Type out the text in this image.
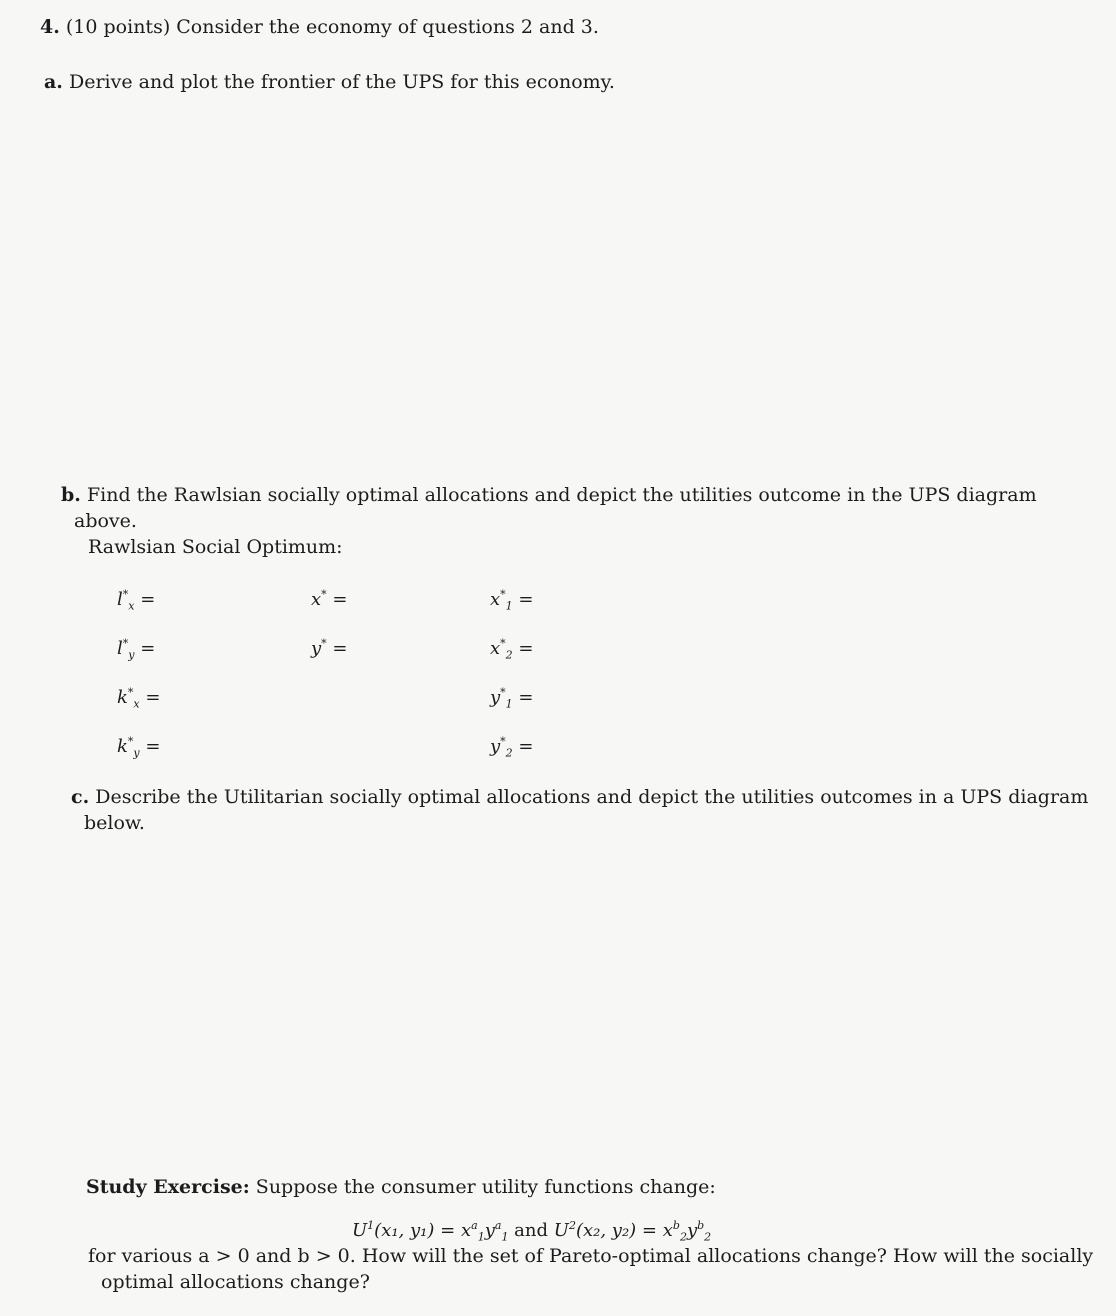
4. (10 points) Consider the economy of questions 2 and 3.
a. Derive and plot the frontier of the UPS for this economy.
b. Find the Rawlsian socially optimal allocations and depict the utilities outcome in the UPS diagram
above.
Rawlsian Social Optimum:
$l^*_x$ =
$l^*_y$ =
$k^*_x$ =
$k^*_y$ =
x* =
y* =
$x^*_1$ =
$x^*_2$ =
$y^*_1$ =
$y^*_2$ =
c. Describe the Utilitarian socially optimal allocations and depict the utilities outcomes in a UPS diagram
below.
Study Exercise: Suppose the consumer utility functions change:
$U^1(x_1$, $y_1) = x^a_1y^a_1$ and $U^2(x_2$, $y_2) = x^b_2y^b_2$
for various a > 0 and b > 0. How will the set of Pareto-optimal allocations change? How will the socially
optimal allocations change?
